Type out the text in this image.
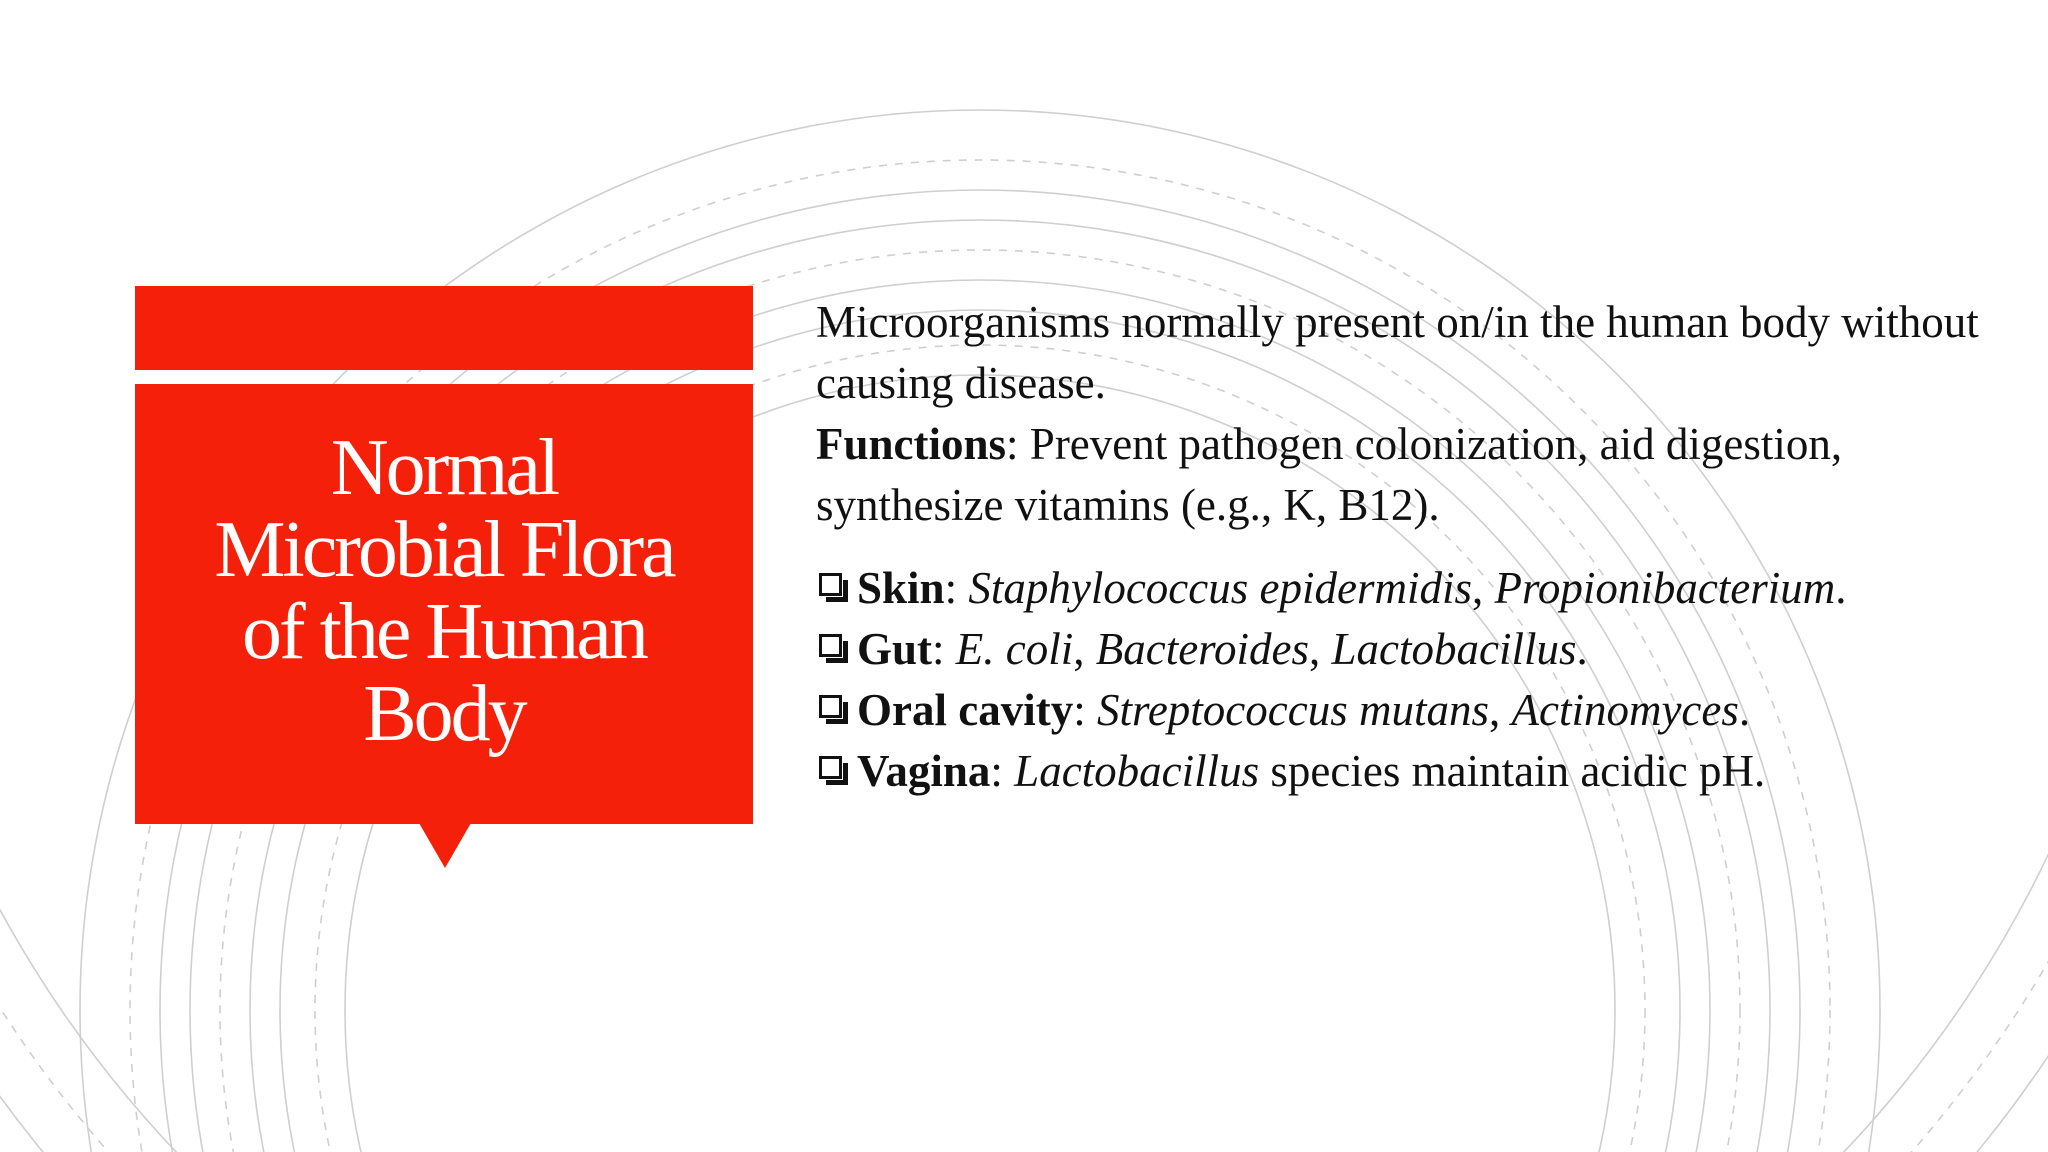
Normal
Microbial Flora
of the Human
Body

Microorganisms normally present on/in the human body without causing disease.

Functions: Prevent pathogen colonization, aid digestion, synthesize vitamins (e.g., K, B12).

Skin: Staphylococcus epidermidis, Propionibacterium.
Gut: E. coli, Bacteroides, Lactobacillus.
Oral cavity: Streptococcus mutans, Actinomyces.
Vagina: Lactobacillus species maintain acidic pH.
